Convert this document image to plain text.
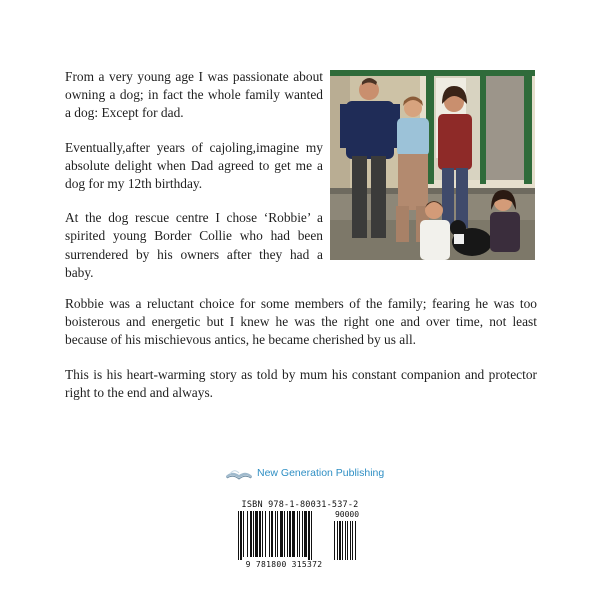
From a very young age I was passionate about owning a dog; in fact the whole family wanted a dog: Except for dad.

Eventually,after years of cajoling,imagine my absolute delight when Dad agreed to get me a dog for my 12th birthday.

At the dog rescue centre I chose ‘Robbie’ a spirited young Border Collie who had been surrendered by his owners after they had a baby.

Robbie was a reluctant choice for some members of the family; fearing he was too boisterous and energetic but I knew he was the right one and over time, not least because of his mischievous antics, he became cherished by us all.

This is his heart-warming story as told by mum his constant companion and protector right to the end and always.

New Generation Publishing
ISBN 978-1-80031-537-2
90000
9 781800 315372
